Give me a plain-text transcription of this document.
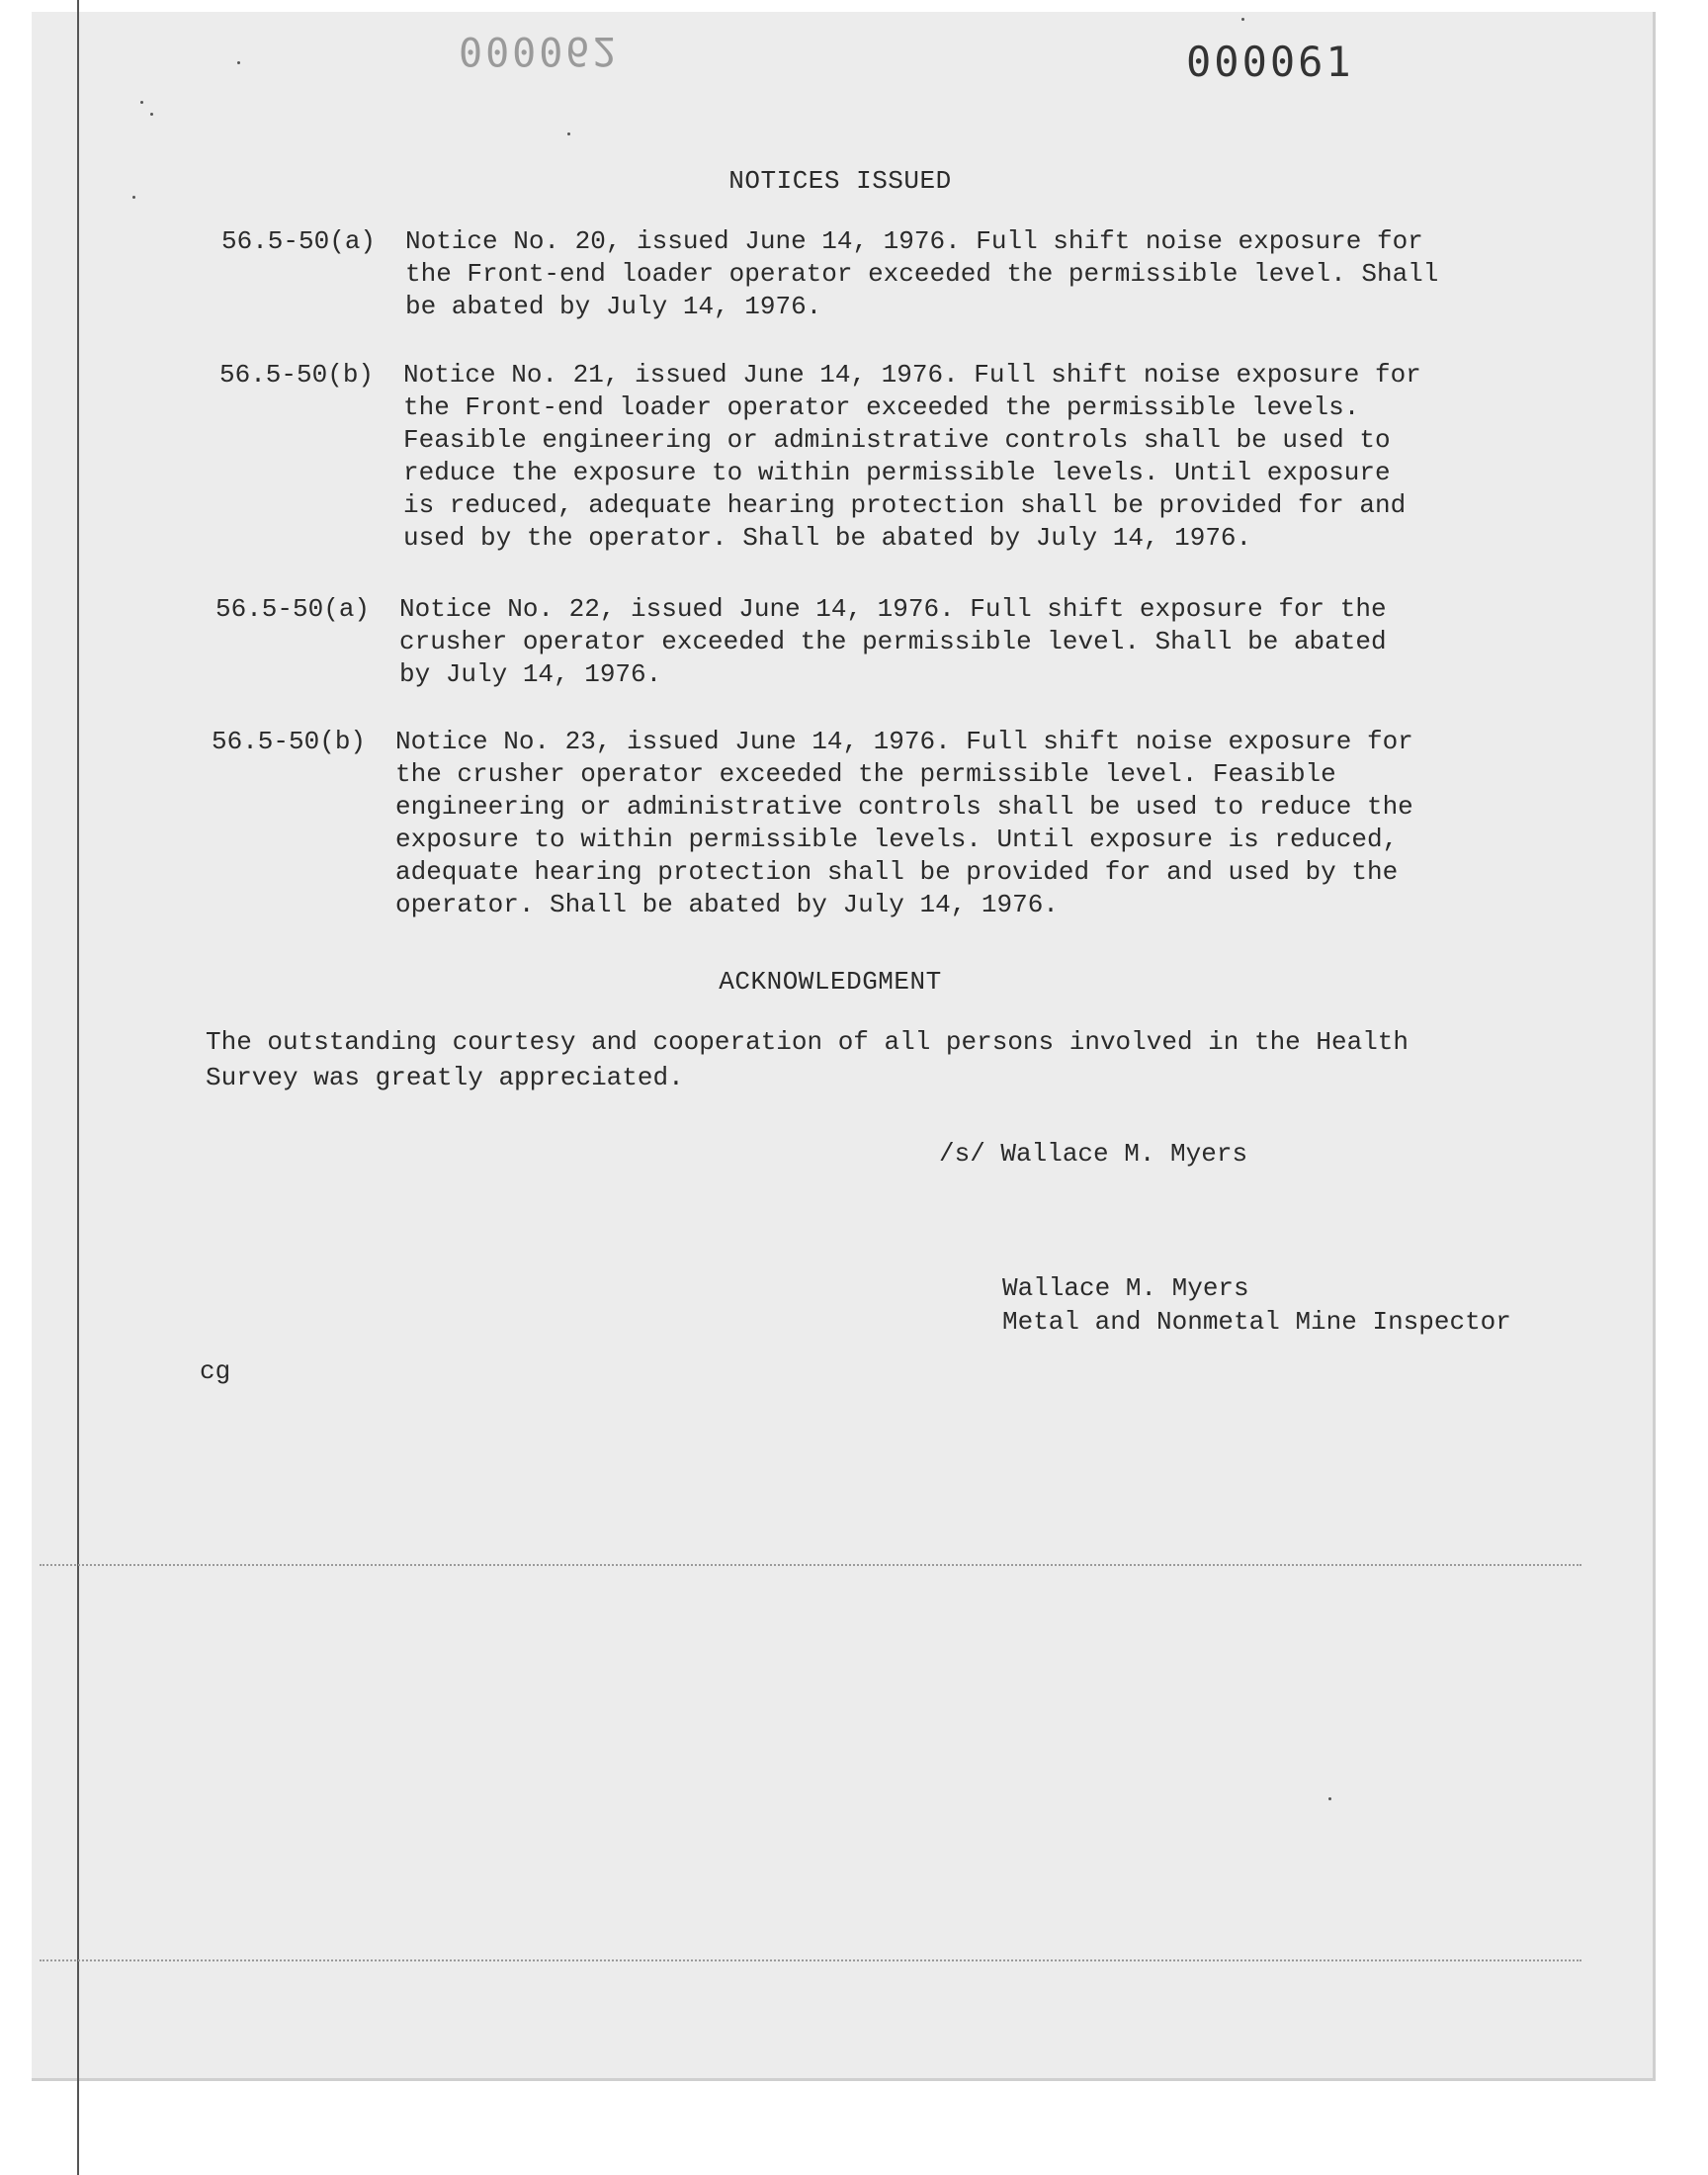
000062	000061
NOTICES ISSUED
56.5-50(a) Notice No. 20, issued June 14, 1976. Full shift noise exposure for
the Front-end loader operator exceeded the permissible level. Shall
be abated by July 14, 1976.
56.5-50(b) Notice No. 21, issued June 14, 1976. Full shift noise exposure for
the Front-end loader operator exceeded the permissible levels.
Feasible engineering or administrative controls shall be used to
reduce the exposure to within permissible levels. Until exposure
is reduced, adequate hearing protection shall be provided for and
used by the operator. Shall be abated by July 14, 1976.
56.5-50(a) Notice No. 22, issued June 14, 1976. Full shift exposure for the
crusher operator exceeded the permissible level. Shall be abated
by July 14, 1976.
56.5-50(b) Notice No. 23, issued June 14, 1976. Full shift noise exposure for
the crusher operator exceeded the permissible level. Feasible
engineering or administrative controls shall be used to reduce the
exposure to within permissible levels. Until exposure is reduced,
adequate hearing protection shall be provided for and used by the
operator. Shall be abated by July 14, 1976.
ACKNOWLEDGMENT
The outstanding courtesy and cooperation of all persons involved in the Health
Survey was greatly appreciated.
/s/ Wallace M. Myers
Wallace M. Myers
Metal and Nonmetal Mine Inspector
cg
